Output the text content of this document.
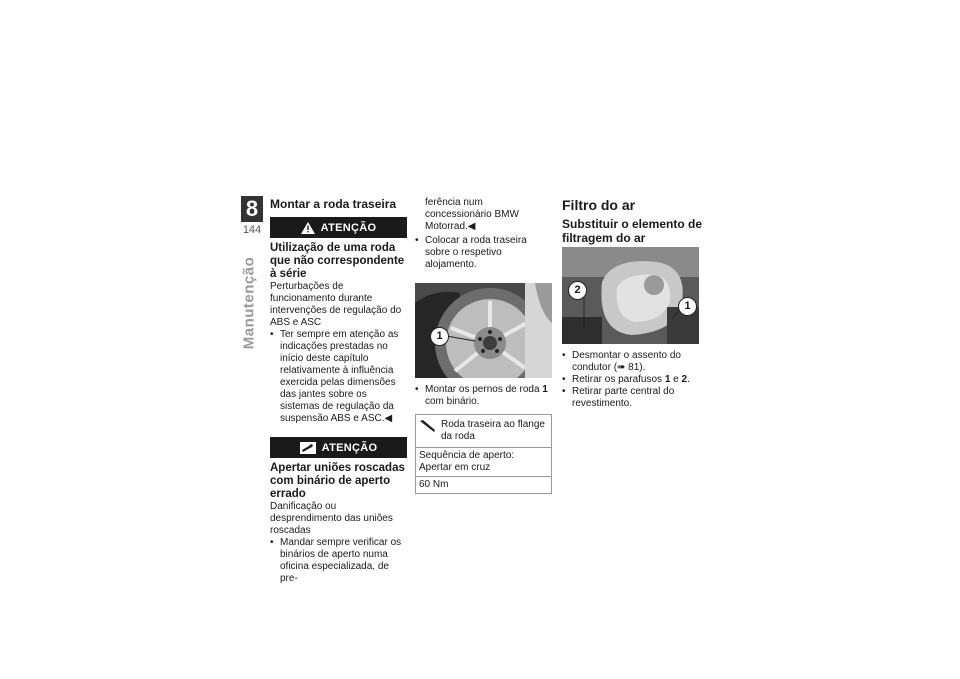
8
144
Manutenção
Montar a roda traseira
ATENÇÃO
Utilização de uma roda que não correspondente à série
Perturbações de funcionamento durante intervenções de regulação do ABS e ASC
• Ter sempre em atenção as indicações prestadas no início deste capítulo relativamente à influência exercida pelas dimensões das jantes sobre os sistemas de regulação da suspensão ABS e ASC.◀
ATENÇÃO
Apertar uniões roscadas com binário de aperto errado
Danificação ou desprendimento das uniões roscadas
• Mandar sempre verificar os binários de aperto numa oficina especializada, de pre-
ferência num concessionário BMW Motorrad.◀
• Colocar a roda traseira sobre o respetivo alojamento.
1
• Montar os pernos de roda 1 com binário.
Roda traseira ao flange da roda
Sequência de aperto: Apertar em cruz
60 Nm
Filtro do ar
Substituir o elemento de filtragem do ar
2
1
• Desmontar o assento do condutor (➠ 81).
• Retirar os parafusos 1 e 2.
• Retirar parte central do revestimento.
